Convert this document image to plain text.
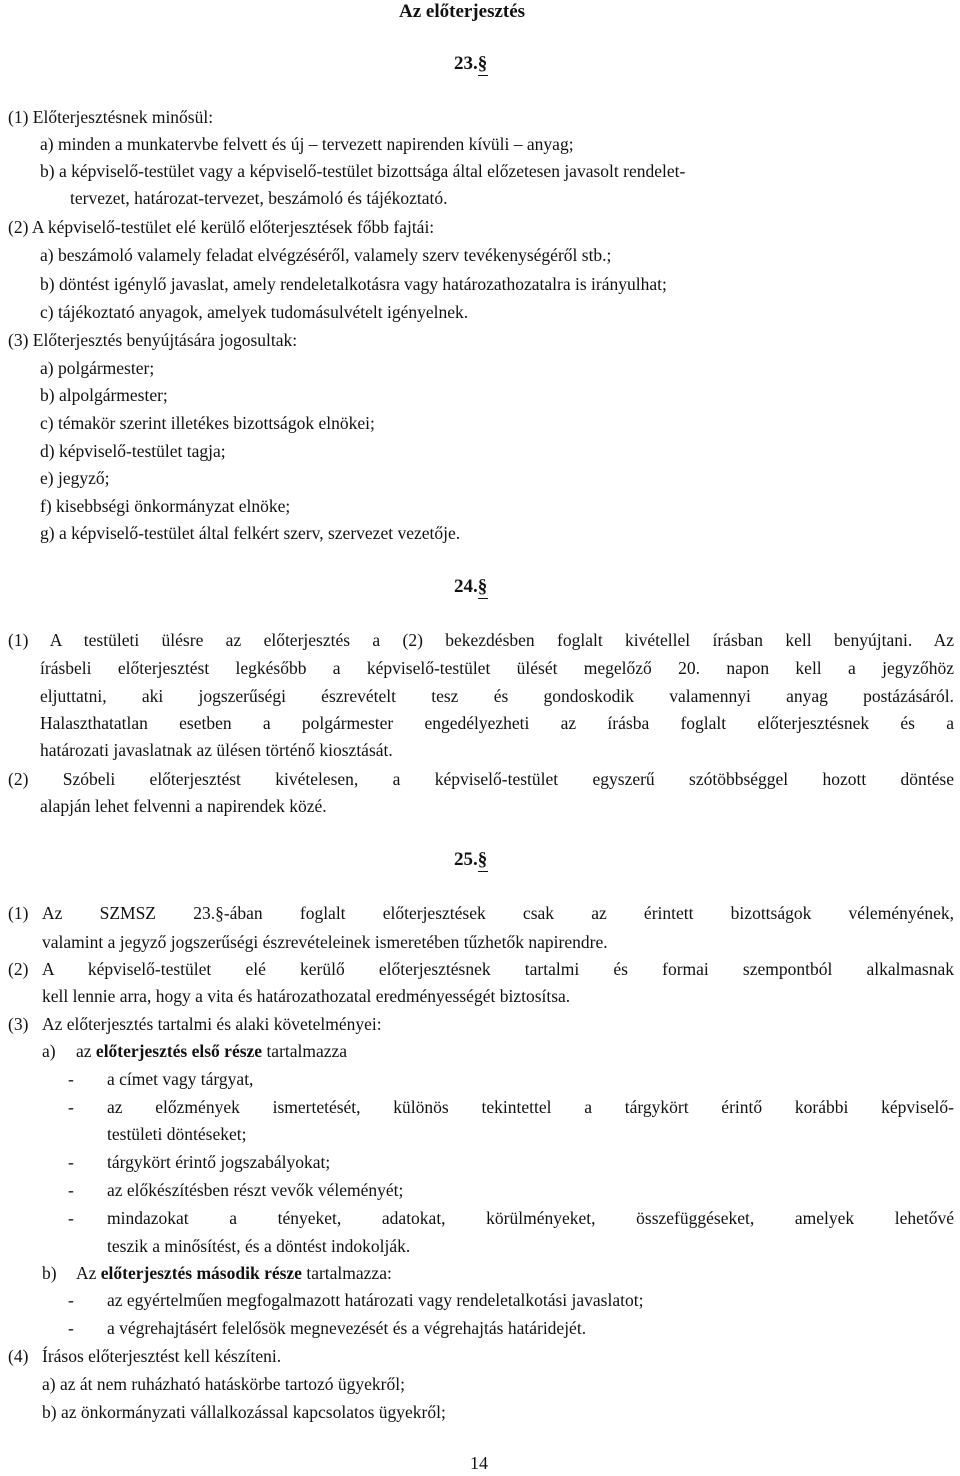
Az előterjesztés
23.§
(1) Előterjesztésnek minősül:
a) minden a munkatervbe felvett és új – tervezett napirenden kívüli – anyag;
b) a képviselő-testület vagy a képviselő-testület bizottsága által előzetesen javasolt rendelet-
tervezet, határozat-tervezet, beszámoló és tájékoztató.
(2) A képviselő-testület elé kerülő előterjesztések főbb fajtái:
a) beszámoló valamely feladat elvégzéséről, valamely szerv tevékenységéről stb.;
b) döntést igénylő javaslat, amely rendeletalkotásra vagy határozathozatalra is irányulhat;
c) tájékoztató anyagok, amelyek tudomásulvételt igényelnek.
(3) Előterjesztés benyújtására jogosultak:
a) polgármester;
b) alpolgármester;
c) témakör szerint illetékes bizottságok elnökei;
d) képviselő-testület tagja;
e) jegyző;
f) kisebbségi önkormányzat elnöke;
g) a képviselő-testület által felkért szerv, szervezet vezetője.
24.§
(1) A testületi ülésre az előterjesztés a (2) bekezdésben foglalt kivétellel írásban kell benyújtani. Az
írásbeli előterjesztést legkésőbb a képviselő-testület ülését megelőző 20. napon kell a jegyzőhöz
eljuttatni, aki jogszerűségi észrevételt tesz és gondoskodik valamennyi anyag postázásáról.
Halaszthatatlan esetben a polgármester engedélyezheti az írásba foglalt előterjesztésnek és a
határozati javaslatnak az ülésen történő kiosztását.
(2) Szóbeli előterjesztést kivételesen, a képviselő-testület egyszerű szótöbbséggel hozott döntése
alapján lehet felvenni a napirendek közé.
25.§
(1) Az SZMSZ 23.§-ában foglalt előterjesztések csak az érintett bizottságok véleményének,
valamint a jegyző jogszerűségi észrevételeinek ismeretében tűzhetők napirendre.
(2) A képviselő-testület elé kerülő előterjesztésnek tartalmi és formai szempontból alkalmasnak
kell lennie arra, hogy a vita és határozathozatal eredményességét biztosítsa.
(3) Az előterjesztés tartalmi és alaki követelményei:
a) az előterjesztés első része tartalmazza
- a címet vagy tárgyat,
- az előzmények ismertetését, különös tekintettel a tárgykört érintő korábbi képviselő-
testületi döntéseket;
- tárgykört érintő jogszabályokat;
- az előkészítésben részt vevők véleményét;
- mindazokat a tényeket, adatokat, körülményeket, összefüggéseket, amelyek lehetővé
teszik a minősítést, és a döntést indokolják.
b) Az előterjesztés második része tartalmazza:
- az egyértelműen megfogalmazott határozati vagy rendeletalkotási javaslatot;
- a végrehajtásért felelősök megnevezését és a végrehajtás határidejét.
(4) Írásos előterjesztést kell készíteni.
a) az át nem ruházható hatáskörbe tartozó ügyekről;
b) az önkormányzati vállalkozással kapcsolatos ügyekről;
14
